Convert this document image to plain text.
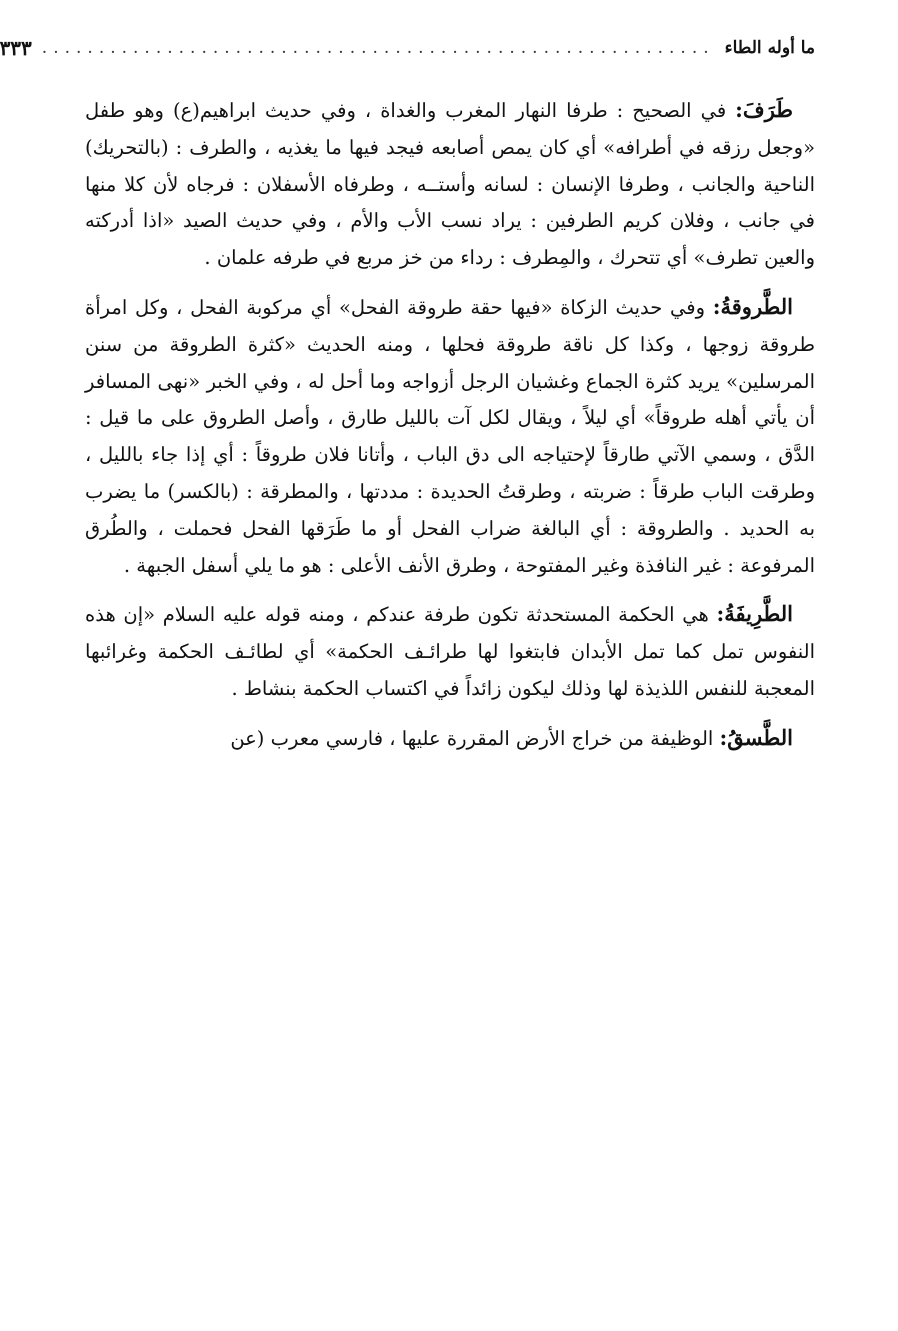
ما أوله الطاء
...........................................................
٣٣٣

طَرَفَ: في الصحيح : طرفا النهار المغرب والغداة ، وفي حديث ابراهيم(ع) وهو طفل «وجعل رزقه في أطرافه» أي كان يمص أصابعه فيجد فيها ما يغذيه ، والطرف : (بالتحريك) الناحية والجانب ، وطرفا الإنسان : لسانه وأستــه ، وطرفاه الأسفلان : فرجاه لأن كلا منها في جانب ، وفلان كريم الطرفين : يراد نسب الأب والأم ، وفي حديث الصيد «اذا أدركته والعين تطرف» أي تتحرك ، والمِطرف : رداء من خز مربع في طرفه علمان .

الطَّروقةُ: وفي حديث الزكاة «فيها حقة طروقة الفحل» أي مركوبة الفحل ، وكل امرأة طروقة زوجها ، وكذا كل ناقة طروقة فحلها ، ومنه الحديث «كثرة الطروقة من سنن المرسلين» يريد كثرة الجماع وغشيان الرجل أزواجه وما أحل له ، وفي الخبر «نهى المسافر أن يأتي أهله طروقاً» أي ليلاً ، ويقال لكل آت بالليل طارق ، وأصل الطروق على ما قيل : الدَّق ، وسمي الآتي طارقاً لإحتياجه الى دق الباب ، وأتانا فلان طروقاً : أي إذا جاء بالليل ، وطرقت الباب طرقاً : ضربته ، وطرقتُ الحديدة : مددتها ، والمطرقة : (بالكسر) ما يضرب به الحديد . والطروقة : أي البالغة ضراب الفحل أو ما طَرَقها الفحل فحملت ، والطُرق المرفوعة : غير النافذة وغير المفتوحة ، وطرق الأنف الأعلى : هو ما يلي أسفل الجبهة .

الطَّرِيفَةُ: هي الحكمة المستحدثة تكون طرفة عندكم ، ومنه قوله عليه السلام «إن هذه النفوس تمل كما تمل الأبدان فابتغوا لها طرائـف الحكمة» أي لطائـف الحكمة وغرائبها المعجبة للنفس اللذيذة لها وذلك ليكون زائداً في اكتساب الحكمة بنشاط .

الطَّسقُ: الوظيفة من خراج الأرض المقررة عليها ، فارسي معرب (عن
